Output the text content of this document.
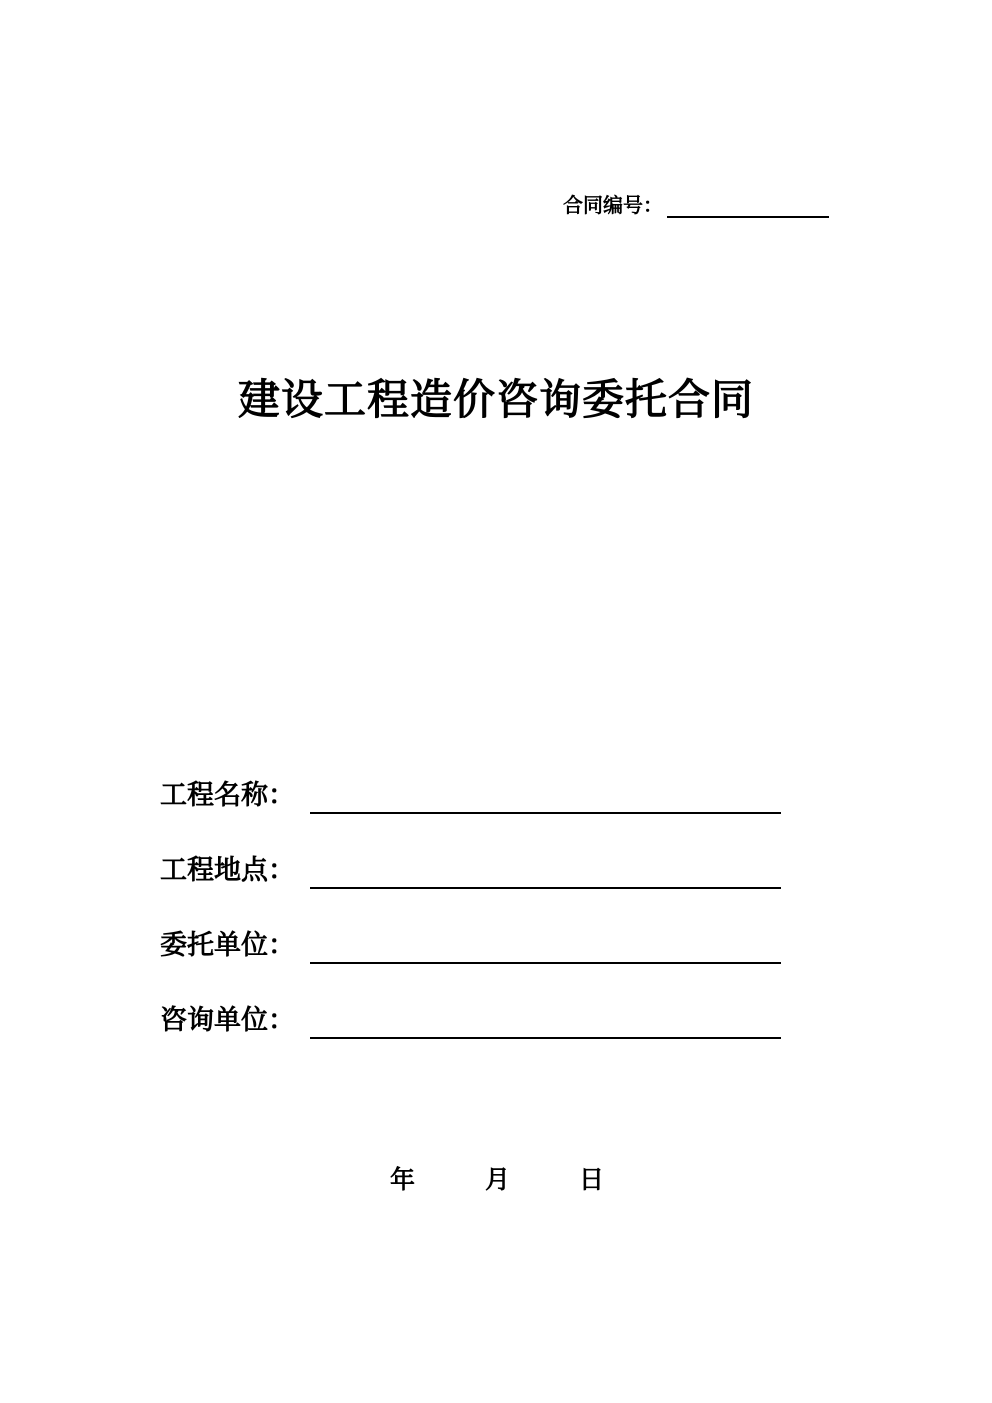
合同编号：
建设工程造价咨询委托合同
工程名称：
工程地点：
委托单位：
咨询单位：
年	月	日
